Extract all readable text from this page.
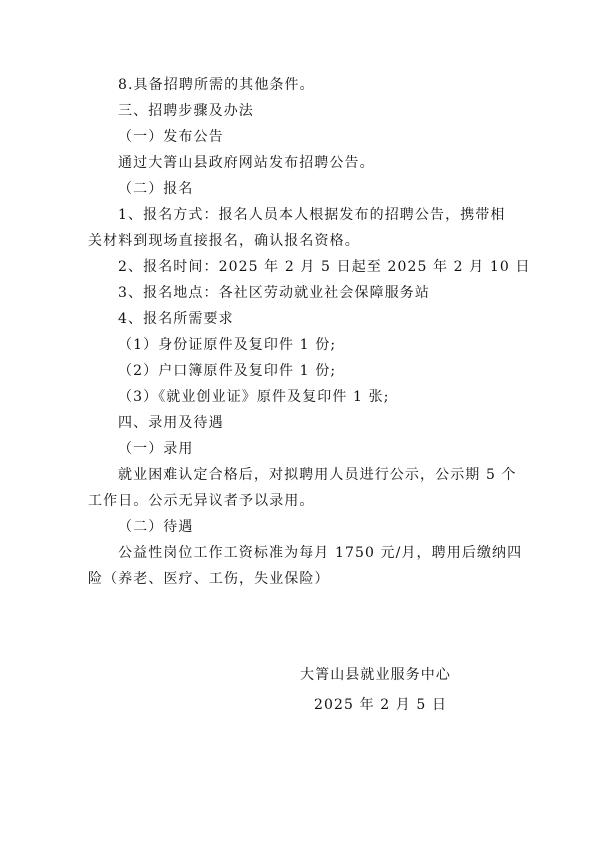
8.具备招聘所需的其他条件。

三、招聘步骤及办法

（一）发布公告

通过大箐山县政府网站发布招聘公告。

（二）报名

1、报名方式：报名人员本人根据发布的招聘公告，携带相

关材料到现场直接报名，确认报名资格。

2、报名时间：2025 年 2 月 5 日起至 2025 年 2 月 10 日

3、报名地点：各社区劳动就业社会保障服务站

4、报名所需要求

（1）身份证原件及复印件 1 份;

（2）户口簿原件及复印件 1 份;

（3）《就业创业证》原件及复印件 1 张;

四、录用及待遇

（一）录用

就业困难认定合格后，对拟聘用人员进行公示，公示期 5 个

工作日。公示无异议者予以录用。

（二）待遇

公益性岗位工作工资标准为每月 1750 元/月，聘用后缴纳四

险（养老、医疗、工伤，失业保险）

大箐山县就业服务中心
2025 年 2 月 5 日
